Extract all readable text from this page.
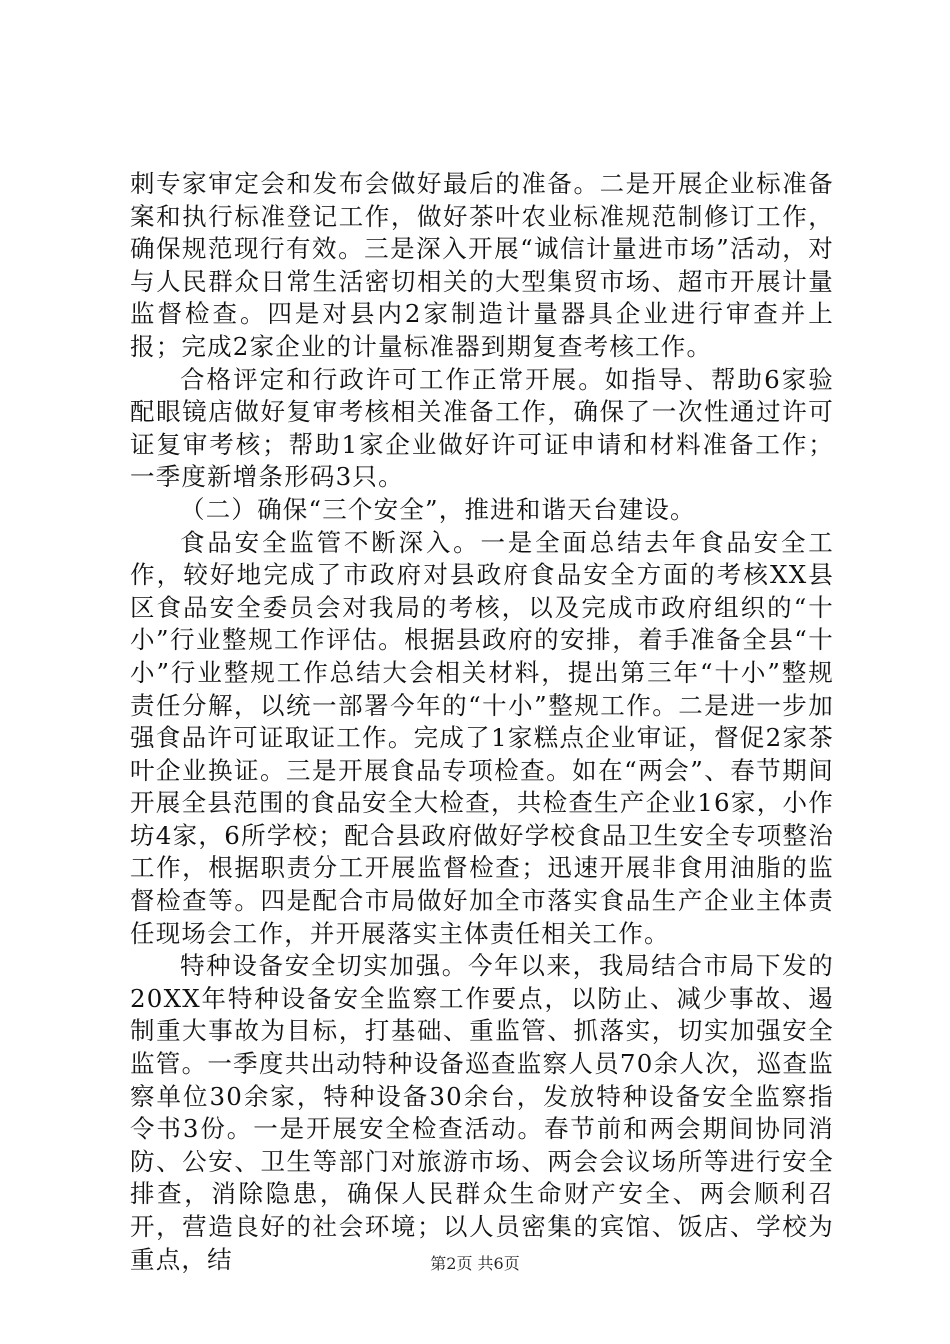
刺专家审定会和发布会做好最后的准备。二是开展企业标准备案和执行标准登记工作，做好茶叶农业标准规范制修订工作，确保规范现行有效。三是深入开展“诚信计量进市场”活动，对与人民群众日常生活密切相关的大型集贸市场、超市开展计量监督检查。四是对县内2家制造计量器具企业进行审查并上报；完成2家企业的计量标准器到期复查考核工作。

合格评定和行政许可工作正常开展。如指导、帮助6家验配眼镜店做好复审考核相关准备工作，确保了一次性通过许可证复审考核；帮助1家企业做好许可证申请和材料准备工作；一季度新增条形码3只。

（二）确保“三个安全”，推进和谐天台建设。

食品安全监管不断深入。一是全面总结去年食品安全工作，较好地完成了市政府对县政府食品安全方面的考核XX县区食品安全委员会对我局的考核，以及完成市政府组织的“十小”行业整规工作评估。根据县政府的安排，着手准备全县“十小”行业整规工作总结大会相关材料，提出第三年“十小”整规责任分解，以统一部署今年的“十小”整规工作。二是进一步加强食品许可证取证工作。完成了1家糕点企业审证，督促2家茶叶企业换证。三是开展食品专项检查。如在“两会”、春节期间开展全县范围的食品安全大检查，共检查生产企业16家，小作坊4家，6所学校；配合县政府做好学校食品卫生安全专项整治工作，根据职责分工开展监督检查；迅速开展非食用油脂的监督检查等。四是配合市局做好加全市落实食品生产企业主体责任现场会工作，并开展落实主体责任相关工作。

特种设备安全切实加强。今年以来，我局结合市局下发的20XX年特种设备安全监察工作要点，以防止、减少事故、遏制重大事故为目标，打基础、重监管、抓落实，切实加强安全监管。一季度共出动特种设备巡查监察人员70余人次，巡查监察单位30余家，特种设备30余台，发放特种设备安全监察指令书3份。一是开展安全检查活动。春节前和两会期间协同消防、公安、卫生等部门对旅游市场、两会会议场所等进行安全排查，消除隐患，确保人民群众生命财产安全、两会顺利召开，营造良好的社会环境；以人员密集的宾馆、饭店、学校为重点，结	第2页 共6页
